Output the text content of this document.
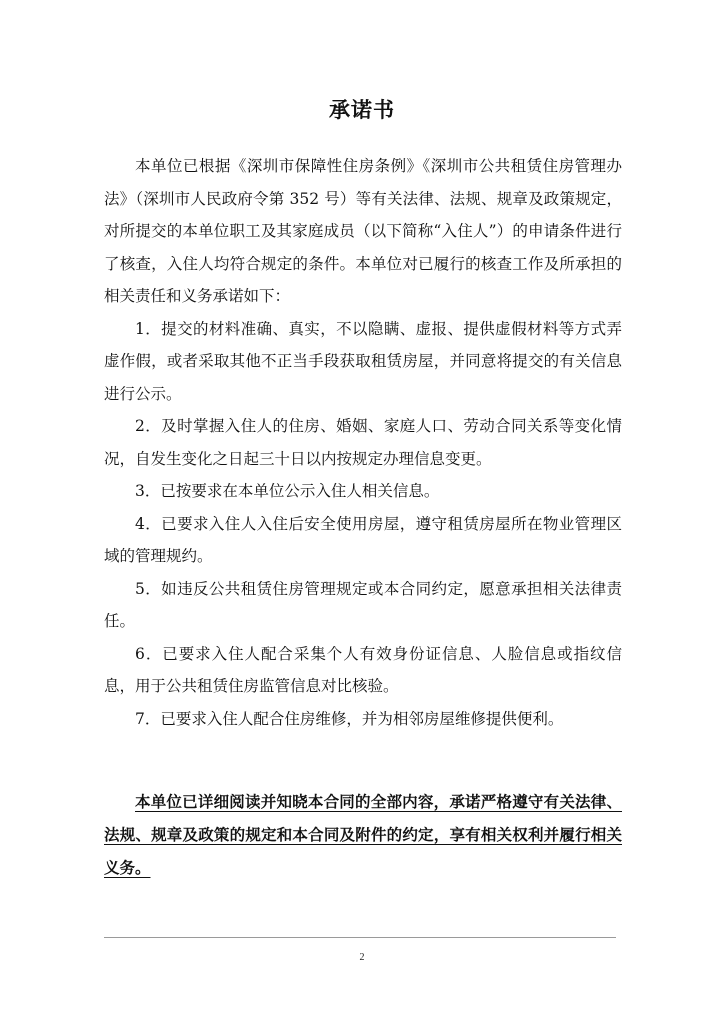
承诺书

本单位已根据《深圳市保障性住房条例》《深圳市公共租赁住房管理办法》（深圳市人民政府令第 352 号）等有关法律、法规、规章及政策规定，对所提交的本单位职工及其家庭成员（以下简称“入住人”）的申请条件进行了核查，入住人均符合规定的条件。本单位对已履行的核查工作及所承担的相关责任和义务承诺如下：

1．提交的材料准确、真实，不以隐瞒、虚报、提供虚假材料等方式弄虚作假，或者采取其他不正当手段获取租赁房屋，并同意将提交的有关信息进行公示。

2．及时掌握入住人的住房、婚姻、家庭人口、劳动合同关系等变化情况，自发生变化之日起三十日以内按规定办理信息变更。

3．已按要求在本单位公示入住人相关信息。

4．已要求入住人入住后安全使用房屋，遵守租赁房屋所在物业管理区域的管理规约。

5．如违反公共租赁住房管理规定或本合同约定，愿意承担相关法律责任。

6．已要求入住人配合采集个人有效身份证信息、人脸信息或指纹信息，用于公共租赁住房监管信息对比核验。

7．已要求入住人配合住房维修，并为相邻房屋维修提供便利。

本单位已详细阅读并知晓本合同的全部内容，承诺严格遵守有关法律、法规、规章及政策的规定和本合同及附件的约定，享有相关权利并履行相关义务。

2
